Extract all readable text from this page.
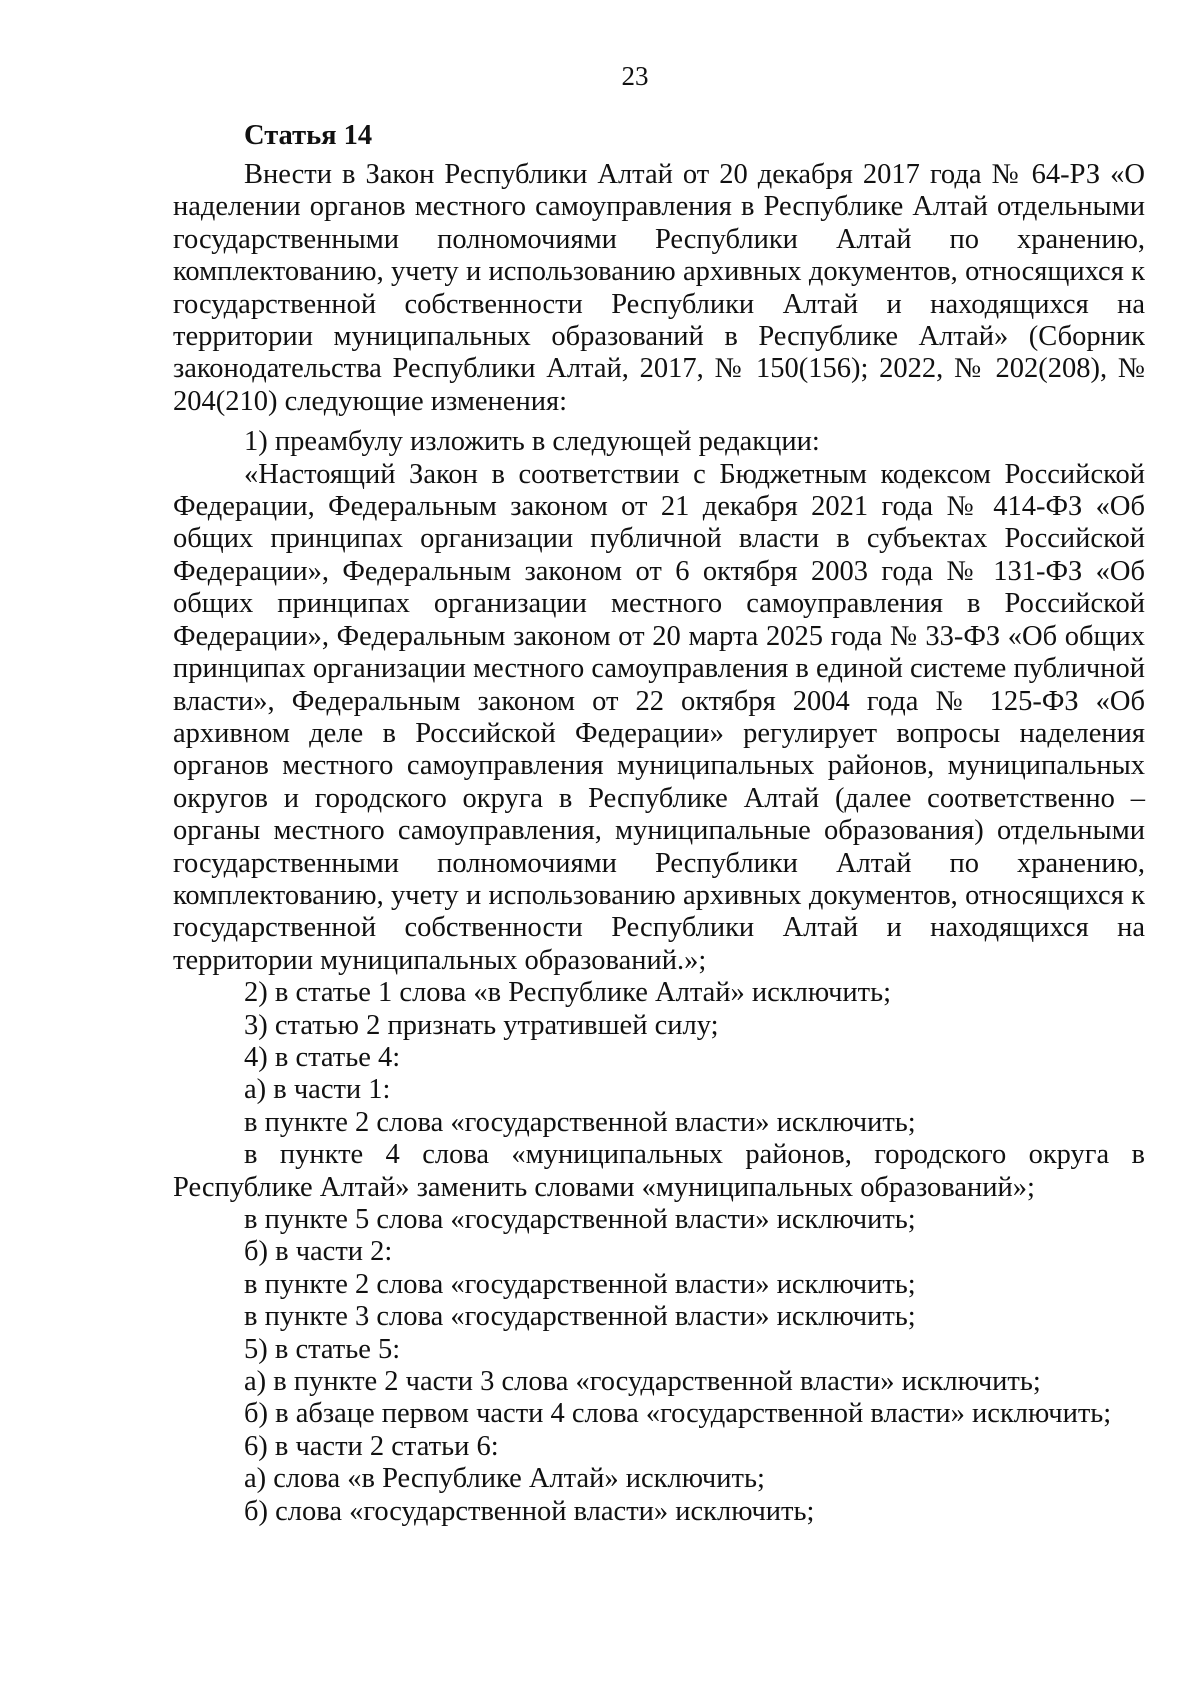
23

Статья 14

Внести в Закон Республики Алтай от 20 декабря 2017 года № 64-РЗ «О наделении органов местного самоуправления в Республике Алтай отдельными государственными полномочиями Республики Алтай по хранению, комплектованию, учету и использованию архивных документов, относящихся к государственной собственности Республики Алтай и находящихся на территории муниципальных образований в Республике Алтай» (Сборник законодательства Республики Алтай, 2017, № 150(156); 2022, № 202(208), № 204(210) следующие изменения:

1) преамбулу изложить в следующей редакции:

«Настоящий Закон в соответствии с Бюджетным кодексом Российской Федерации, Федеральным законом от 21 декабря 2021 года № 414-ФЗ «Об общих принципах организации публичной власти в субъектах Российской Федерации», Федеральным законом от 6 октября 2003 года № 131-ФЗ «Об общих принципах организации местного самоуправления в Российской Федерации», Федеральным законом от 20 марта 2025 года № 33-ФЗ «Об общих принципах организации местного самоуправления в единой системе публичной власти», Федеральным законом от 22 октября 2004 года № 125-ФЗ «Об архивном деле в Российской Федерации» регулирует вопросы наделения органов местного самоуправления муниципальных районов, муниципальных округов и городского округа в Республике Алтай (далее соответственно – органы местного самоуправления, муниципальные образования) отдельными государственными полномочиями Республики Алтай по хранению, комплектованию, учету и использованию архивных документов, относящихся к государственной собственности Республики Алтай и находящихся на территории муниципальных образований.»;

2) в статье 1 слова «в Республике Алтай» исключить;

3) статью 2 признать утратившей силу;

4) в статье 4:

а) в части 1:

в пункте 2 слова «государственной власти» исключить;

в пункте 4 слова «муниципальных районов, городского округа в Республике Алтай» заменить словами «муниципальных образований»;

в пункте 5 слова «государственной власти» исключить;

б) в части 2:

в пункте 2 слова «государственной власти» исключить;

в пункте 3 слова «государственной власти» исключить;

5) в статье 5:

а) в пункте 2 части 3 слова «государственной власти» исключить;

б) в абзаце первом части 4 слова «государственной власти» исключить;

6) в части 2 статьи 6:

а) слова «в Республике Алтай» исключить;

б) слова «государственной власти» исключить;
